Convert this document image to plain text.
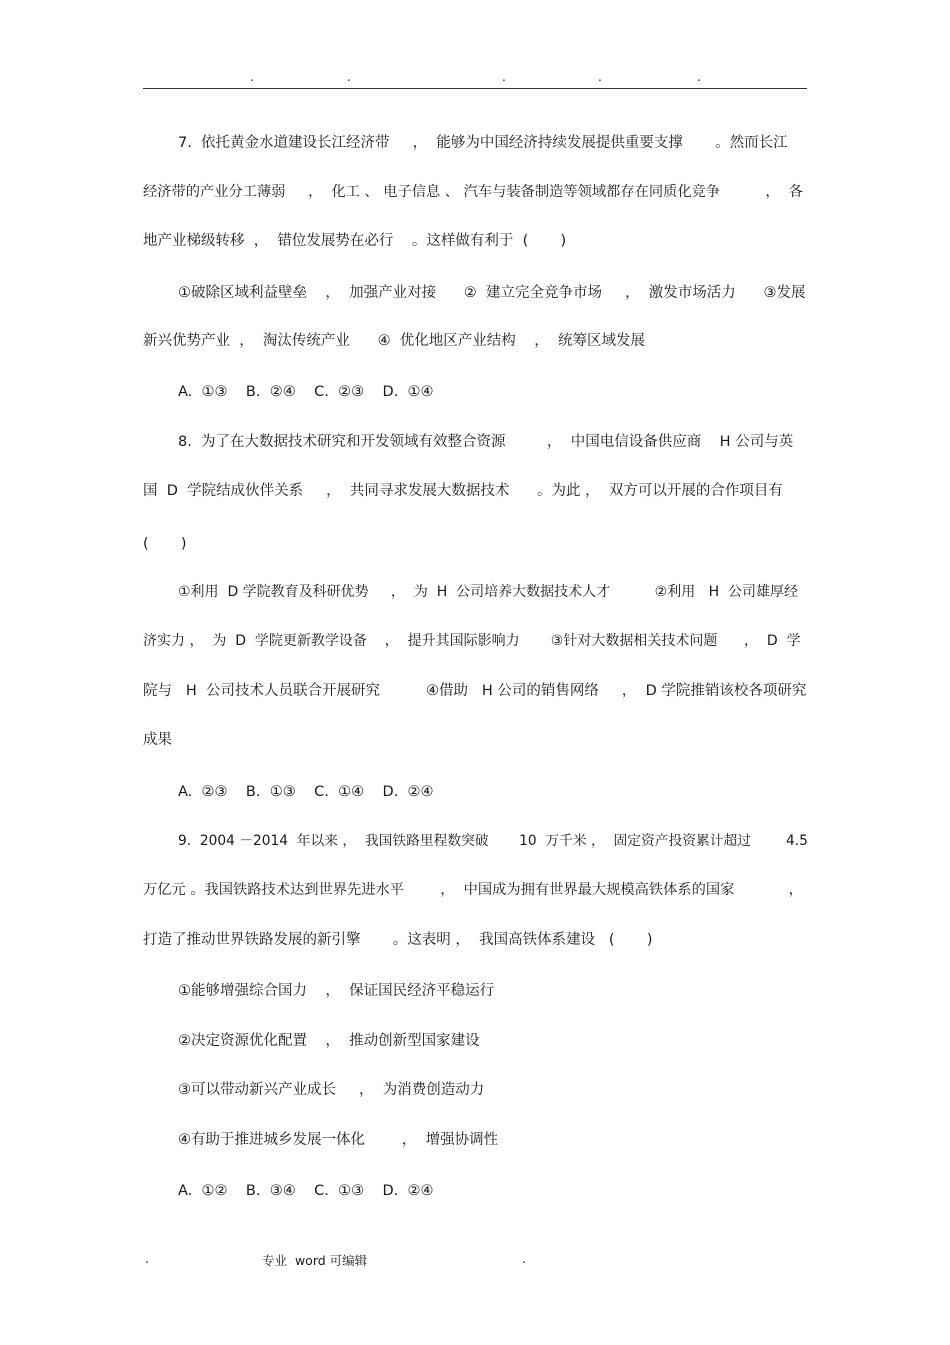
.	.	.	.	.
7.  依托黄金水道建设长江经济带     ，  能够为中国经济持续发展提供重要支撑       。然而长江
经济带的产业分工薄弱     ，  化工 、 电子信息 、 汽车与装备制造等领域都存在同质化竞争          ，  各
地产业梯级转移  ，  错位发展势在必行    。这样做有利于  (       )
①破除区域利益壁垒    ，  加强产业对接      ②  建立完全竞争市场     ，  激发市场活力      ③发展
新兴优势产业  ，  淘汰传统产业      ④  优化地区产业结构    ，  统筹区域发展
A.  ①③    B.  ②④    C.  ②③    D.  ①④
8.  为了在大数据技术研究和开发领域有效整合资源         ，  中国电信设备供应商    H 公司与英
国  D  学院结成伙伴关系     ，  共同寻求发展大数据技术      。为此 ，  双方可以开展的合作项目有
(       )
①利用  D 学院教育及科研优势     ，  为  H  公司培养大数据技术人才          ②利用   H  公司雄厚经
济实力 ，  为  D  学院更新教学设备    ，  提升其国际影响力       ③针对大数据相关技术问题      ，  D  学
院与   H  公司技术人员联合开展研究          ④借助   H 公司的销售网络     ，  D 学院推销该校各项研究
成果
A.  ②③    B.  ①③    C.  ①④    D.  ②④
9.  2004 －2014  年以来 ，  我国铁路里程数突破       10  万千米 ，  固定资产投资累计超过        4.5
万亿元 。我国铁路技术达到世界先进水平        ，  中国成为拥有世界最大规模高铁体系的国家            ，
打造了推动世界铁路发展的新引擎       。这表明 ，  我国高铁体系建设   (       )
①能够增强综合国力    ，  保证国民经济平稳运行
②决定资源优化配置    ，  推动创新型国家建设
③可以带动新兴产业成长     ，  为消费创造动力
④有助于推进城乡发展一体化        ，  增强协调性
A.  ①②    B.  ③④    C.  ①③    D.  ②④
.	专业  word 可编辑	.
